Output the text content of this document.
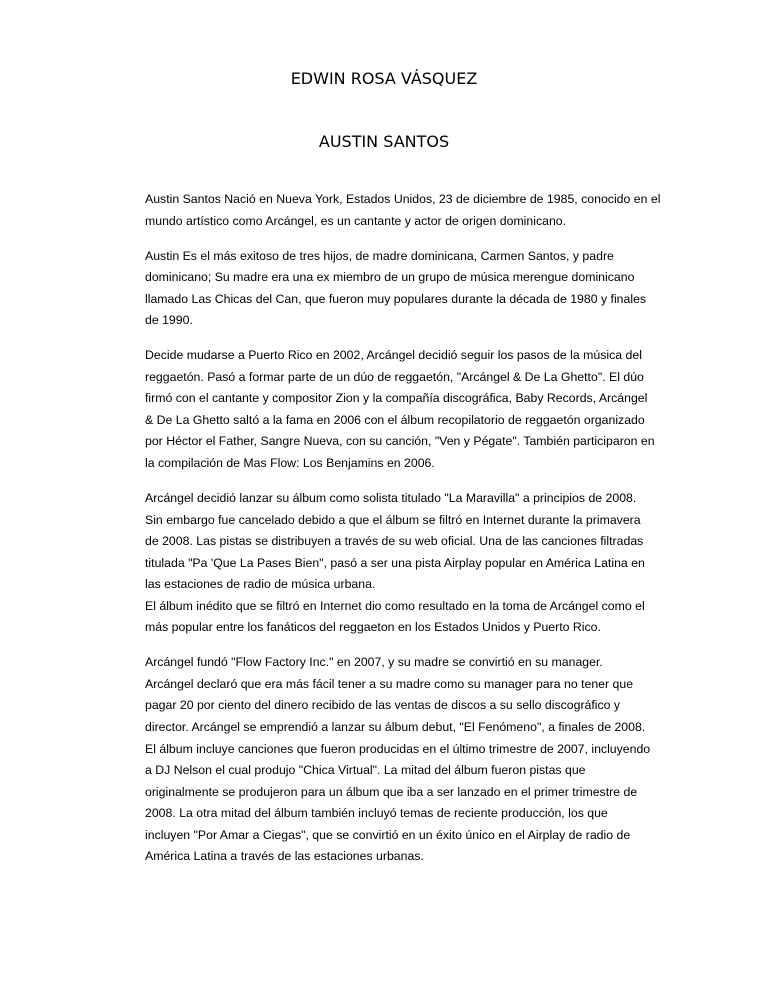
EDWIN ROSA VÁSQUEZ
AUSTIN SANTOS

Austin Santos Nació en Nueva York, Estados Unidos, 23 de diciembre de 1985, conocido en el
mundo artístico como Arcángel, es un cantante y actor de origen dominicano.

Austin Es el más exitoso de tres hijos, de madre dominicana, Carmen Santos, y padre
dominicano; Su madre era una ex miembro de un grupo de música merengue dominicano
llamado Las Chicas del Can, que fueron muy populares durante la década de 1980 y finales
de 1990.

Decide mudarse a Puerto Rico en 2002, Arcángel decidió seguir los pasos de la música del
reggaetón. Pasó a formar parte de un dúo de reggaetón, "Arcángel & De La Ghetto". El dúo
firmó con el cantante y compositor Zion y la compañía discográfica, Baby Records, Arcángel
& De La Ghetto saltó a la fama en 2006 con el álbum recopilatorio de reggaetón organizado
por Héctor el Father, Sangre Nueva, con su canción, "Ven y Pégate". También participaron en
la compilación de Mas Flow: Los Benjamins en 2006.

Arcángel decidió lanzar su álbum como solista titulado "La Maravilla" a principios de 2008.
Sin embargo fue cancelado debido a que el álbum se filtró en Internet durante la primavera
de 2008. Las pistas se distribuyen a través de su web oficial. Una de las canciones filtradas
titulada "Pa 'Que La Pases Bien", pasó a ser una pista Airplay popular en América Latina en
las estaciones de radio de música urbana.
El álbum inédito que se filtró en Internet dio como resultado en la toma de Arcángel como el
más popular entre los fanáticos del reggaeton en los Estados Unidos y Puerto Rico.

Arcángel fundó "Flow Factory Inc." en 2007, y su madre se convirtió en su manager.
Arcángel declaró que era más fácil tener a su madre como su manager para no tener que
pagar 20 por ciento del dinero recibido de las ventas de discos a su sello discográfico y
director. Arcángel se emprendió a lanzar su álbum debut, "El Fenómeno", a finales de 2008.
El álbum incluye canciones que fueron producidas en el último trimestre de 2007, incluyendo
a DJ Nelson el cual produjo "Chica Virtual". La mitad del álbum fueron pistas que
originalmente se produjeron para un álbum que iba a ser lanzado en el primer trimestre de
2008. La otra mitad del álbum también incluyó temas de reciente producción, los que
incluyen "Por Amar a Ciegas", que se convirtió en un éxito único en el Airplay de radio de
América Latina a través de las estaciones urbanas.
